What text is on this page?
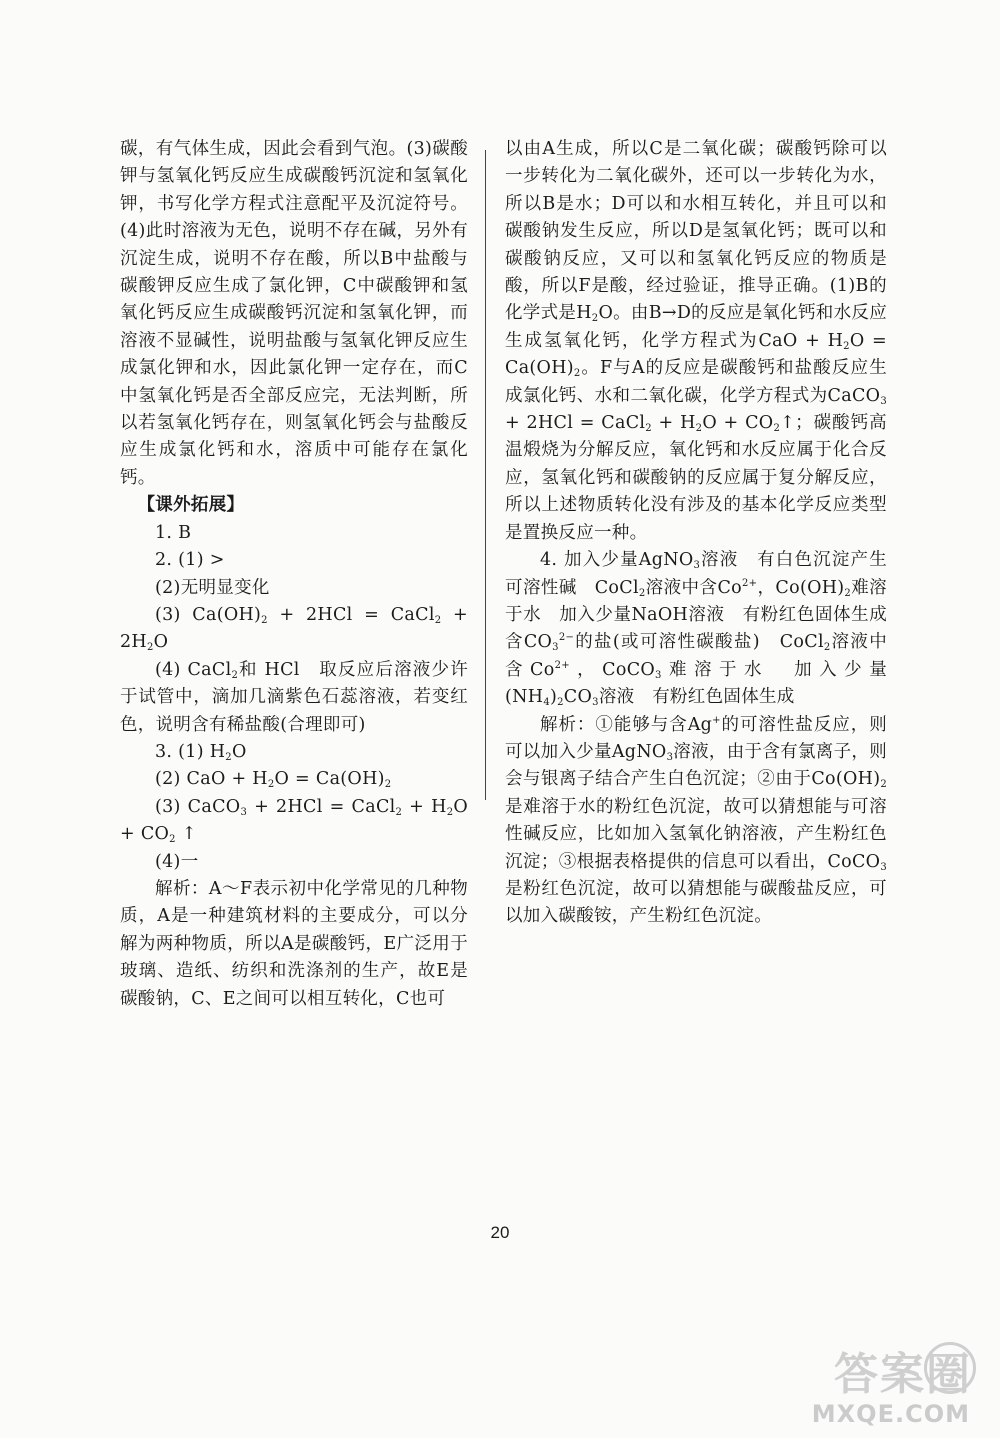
碳，有气体生成，因此会看到气泡。(3)碳酸钾与氢氧化钙反应生成碳酸钙沉淀和氢氧化钾，书写化学方程式注意配平及沉淀符号。(4)此时溶液为无色，说明不存在碱，另外有沉淀生成，说明不存在酸，所以B中盐酸与碳酸钾反应生成了氯化钾，C中碳酸钾和氢氧化钙反应生成碳酸钙沉淀和氢氧化钾，而溶液不显碱性，说明盐酸与氢氧化钾反应生成氯化钾和水，因此氯化钾一定存在，而C中氢氧化钙是否全部反应完，无法判断，所以若氢氧化钙存在，则氢氧化钙会与盐酸反应生成氯化钙和水，溶质中可能存在氯化钙。

【课外拓展】

1. B

2. (1) >

(2)无明显变化

(3) $Ca(OH)_2 + 2HCl$ = CaCl$_2$ + $2H_2O$

(4) CaCl$_2$和 HCl　取反应后溶液少许于试管中，滴加几滴紫色石蕊溶液，若变红色，说明含有稀盐酸(合理即可)

3. (1) $H_2O$

(2) CaO + $H_2O = Ca(OH)_2$

(3) CaCO$_3$ + 2HCl = CaCl$_2$ + $H_2O + CO_2$ ↑

(4)一

解析：A～F表示初中化学常见的几种物质，A是一种建筑材料的主要成分，可以分解为两种物质，所以A是碳酸钙，E广泛用于玻璃、造纸、纺织和洗涤剂的生产，故E是碳酸钠，C、E之间可以相互转化，C也可

以由A生成，所以C是二氧化碳；碳酸钙除可以一步转化为二氧化碳外，还可以一步转化为水，所以B是水；D可以和水相互转化，并且可以和碳酸钠发生反应，所以D是氢氧化钙；既可以和碳酸钠反应，又可以和氢氧化钙反应的物质是酸，所以F是酸，经过验证，推导正确。(1)B的化学式是$H_2O$。由B→D的反应是氧化钙和水反应生成氢氧化钙，化学方程式为CaO + $H_2O = Ca(OH)_2$。F与A的反应是碳酸钙和盐酸反应生成氯化钙、水和二氧化碳，化学方程式为CaCO$_3$ + 2HCl = CaCl$_2$ + $H_2O$ + $CO_2↑$；碳酸钙高温煅烧为分解反应，氧化钙和水反应属于化合反应，氢氧化钙和碳酸钠的反应属于复分解反应，所以上述物质转化没有涉及的基本化学反应类型是置换反应一种。

4. 加入少量AgNO$_3$溶液　有白色沉淀产生　可溶性碱　CoCl$_2$溶液中含$Co^{2+}$，$Co(OH)_2$难溶于水　加入少量NaOH溶液　有粉红色固体生成　含$CO_3^{2-}$的盐(或可溶性碳酸盐)　CoCl$_2$溶液中含$Co^{2+}$，CoCO$_3$难溶于水　加入少量$(NH_4)_2CO_3$溶液　有粉红色固体生成

解析：①能够与含Ag+的可溶性盐反应，则可以加入少量AgNO$_3$溶液，由于含有氯离子，则会与银离子结合产生白色沉淀；②由于$Co(OH)_2$是难溶于水的粉红色沉淀，故可以猜想能与可溶性碱反应，比如加入氢氧化钠溶液，产生粉红色沉淀；③根据表格提供的信息可以看出，CoCO$_3$是粉红色沉淀，故可以猜想能与碳酸盐反应，可以加入碳酸铵，产生粉红色沉淀。

20
答案圈
MXQE.COM
